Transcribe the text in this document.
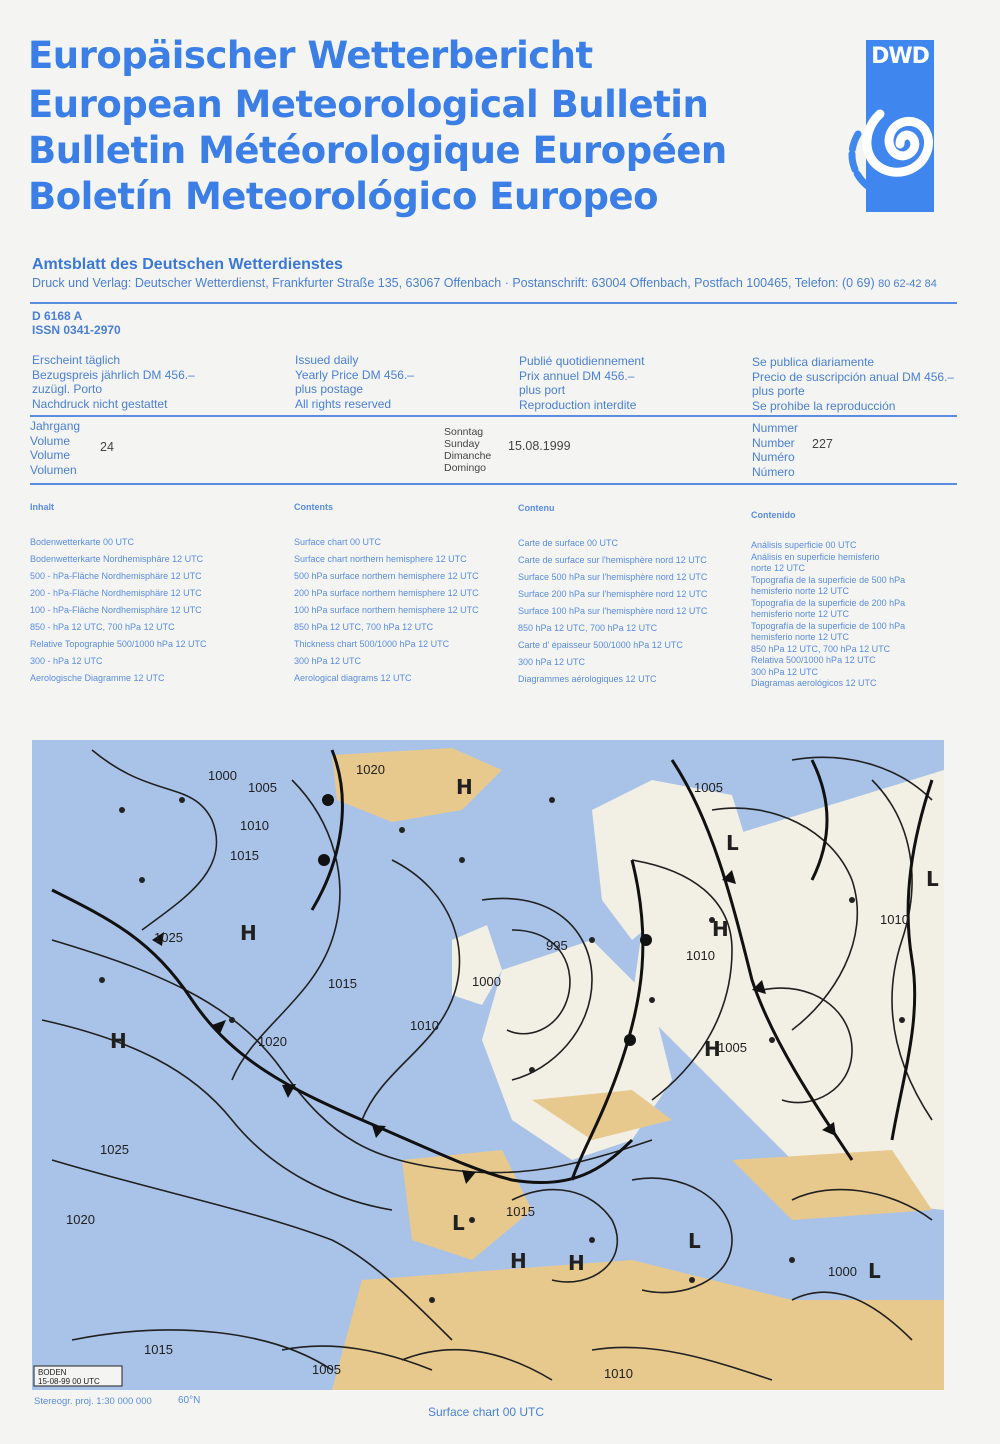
Europäischer Wetterbericht
European Meteorological Bulletin
Bulletin Météorologique Européen
Boletín Meteorológico Europeo
DWD
Amtsblatt des Deutschen Wetterdienstes
Druck und Verlag: Deutscher Wetterdienst, Frankfurter Straße 135, 63067 Offenbach · Postanschrift: 63004 Offenbach, Postfach 100465, Telefon: (0 69) 80 62-42 84
D 6168 A
ISSN 0341-2970
Erscheint täglich
Bezugspreis jährlich DM 456.–
zuzügl. Porto
Nachdruck nicht gestattet
Issued daily
Yearly Price DM 456.–
plus postage
All rights reserved
Publié quotidiennement
Prix annuel DM 456.–
plus port
Reproduction interdite
Se publica diariamente
Precio de suscripción anual DM 456.–
plus porte
Se prohibe la reproducción
Jahrgang
Volume
Volume
Volumen
24
Sonntag
Sunday
Dimanche
Domingo
15.08.1999
Nummer
Number
Numéro
Número
227
Inhalt
Bodenwetterkarte 00 UTC
Bodenwetterkarte Nordhemisphäre 12 UTC
500 - hPa-Fläche Nordhemisphäre 12 UTC
200 - hPa-Fläche Nordhemisphäre 12 UTC
100 - hPa-Fläche Nordhemisphäre 12 UTC
850 - hPa 12 UTC, 700 hPa 12 UTC
Relative Topographie 500/1000 hPa 12 UTC
300 - hPa 12 UTC
Aerologische Diagramme 12 UTC
Contents
Surface chart 00 UTC
Surface chart northern hemisphere 12 UTC
500 hPa surface northern hemisphere 12 UTC
200 hPa surface northern hemisphere 12 UTC
100 hPa surface northern hemisphere 12 UTC
850 hPa 12 UTC, 700 hPa 12 UTC
Thickness chart 500/1000 hPa 12 UTC
300 hPa 12 UTC
Aerological diagrams 12 UTC
Contenu
Carte de surface 00 UTC
Carte de surface sur l'hemisphère nord 12 UTC
Surface 500 hPa sur l'hemisphère nord 12 UTC
Surface 200 hPa sur l'hemisphère nord 12 UTC
Surface 100 hPa sur l'hemisphère nord 12 UTC
850 hPa 12 UTC, 700 hPa 12 UTC
Carte d' épaisseur 500/1000 hPa 12 UTC
300 hPa 12 UTC
Diagrammes aérologiques 12 UTC
Contenido
Análisis superficie 00 UTC
Análisis en superficie hemisferio
norte 12 UTC
Topografía de la superficie de 500 hPa
hemisferio norte 12 UTC
Topografía de la superficie de 200 hPa
hemisferio norte 12 UTC
Topografía de la superficie de 100 hPa
hemisferio norte 12 UTC
850 hPa 12 UTC, 700 hPa 12 UTC
Relativa 500/1000 hPa 12 UTC
300 hPa 12 UTC
Diagramas aerológicos 12 UTC
1000
1005
1010
1015
1020
1025
995
1005
1010
1015
1020
1025
1000
1010
1015
1020
1005
1010
1015
1000
1005	1010
H
H
H
H
H H
H
L
L
L
L
L
BODEN
15-08-99 00 UTC
Stereogr. proj. 1:30 000 000	60°N
Surface chart 00 UTC
